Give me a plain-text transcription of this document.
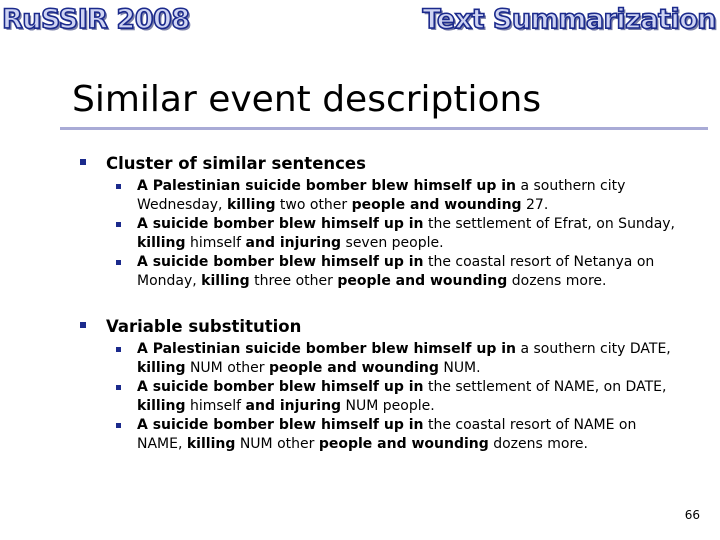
RuSSIR 2008	Text Summarization
Similar event descriptions
Cluster of similar sentences
A Palestinian suicide bomber blew himself up in a southern city Wednesday, killing two other people and wounding 27.
A suicide bomber blew himself up in the settlement of Efrat, on Sunday, killing himself and injuring seven people.
A suicide bomber blew himself up in the coastal resort of Netanya on Monday, killing three other people and wounding dozens more.
Variable substitution
A Palestinian suicide bomber blew himself up in a southern city DATE, killing NUM other people and wounding NUM.
A suicide bomber blew himself up in the settlement of NAME, on DATE, killing himself and injuring NUM people.
A suicide bomber blew himself up in the coastal resort of NAME on NAME, killing NUM other people and wounding dozens more.
66
